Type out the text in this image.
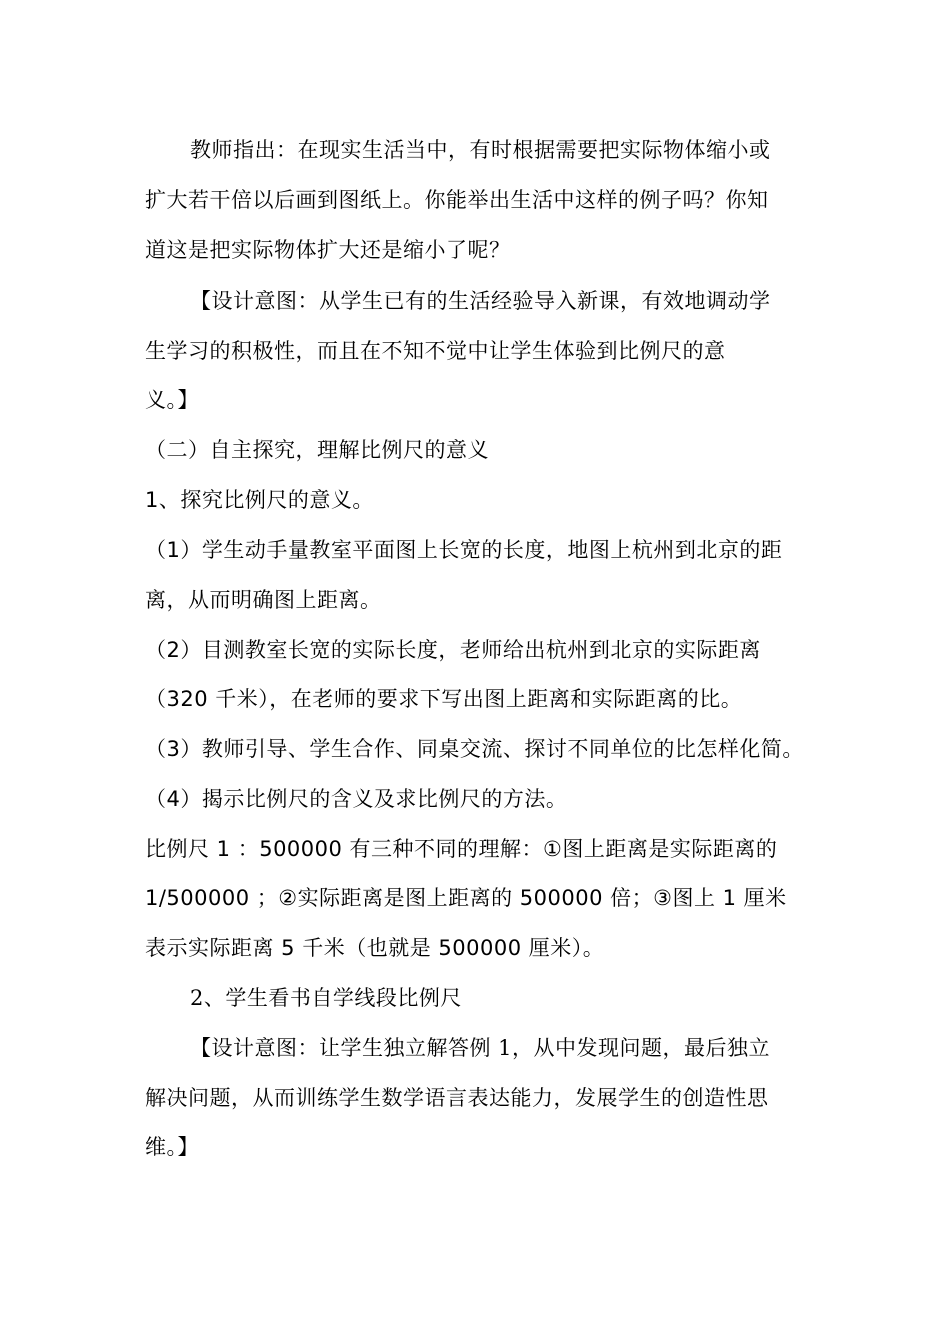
教师指出：在现实生活当中，有时根据需要把实际物体缩小或
扩大若干倍以后画到图纸上。你能举出生活中这样的例子吗？你知
道这是把实际物体扩大还是缩小了呢？
【设计意图：从学生已有的生活经验导入新课，有效地调动学
生学习的积极性，而且在不知不觉中让学生体验到比例尺的意
义。】
（二）自主探究，理解比例尺的意义
1、探究比例尺的意义。
（1）学生动手量教室平面图上长宽的长度，地图上杭州到北京的距
离，从而明确图上距离。
（2）目测教室长宽的实际长度，老师给出杭州到北京的实际距离
（320 千米），在老师的要求下写出图上距离和实际距离的比。
（3）教师引导、学生合作、同桌交流、探讨不同单位的比怎样化简。
（4）揭示比例尺的含义及求比例尺的方法。
比例尺 1 ：500000 有三种不同的理解：①图上距离是实际距离的
1/500000 ；②实际距离是图上距离的 500000 倍；③图上 1 厘米
表示实际距离 5 千米（也就是 500000 厘米）。
2、学生看书自学线段比例尺
【设计意图：让学生独立解答例 1，从中发现问题，最后独立
解决问题，从而训练学生数学语言表达能力，发展学生的创造性思
维。】
